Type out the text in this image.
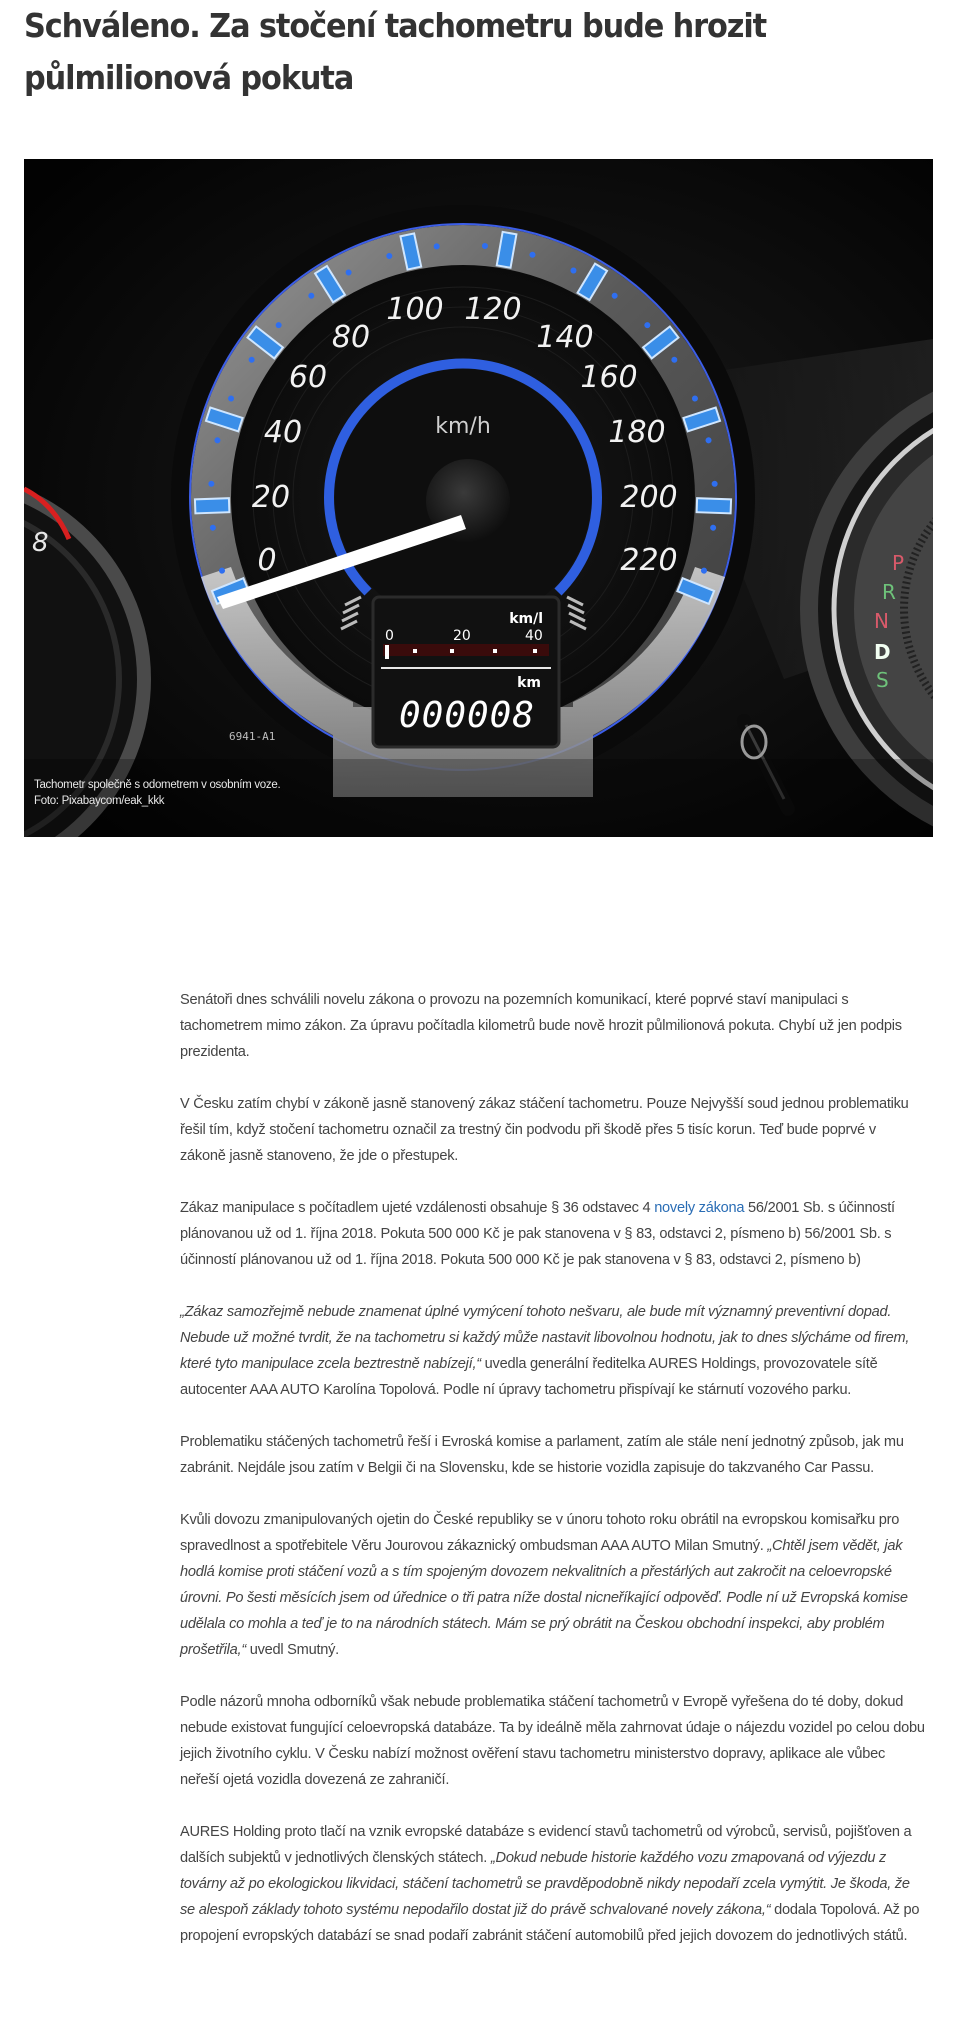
Schváleno. Za stočení tachometru bude hrozit půlmilionová pokuta
8
P
R
N
D
S
0
20
40
60
80
100 120
140
160
180
200
220
km/h
km/l
0	20	40
km
000008
6941-A1
Tachometr společně s odometrem v osobním voze. Foto: Pixabaycom/eak_kkk

Senátoři dnes schválili novelu zákona o provozu na pozemních komunikací, které poprvé staví manipulaci s tachometrem mimo zákon. Za úpravu počítadla kilometrů bude nově hrozit půlmilionová pokuta. Chybí už jen podpis prezidenta.

V Česku zatím chybí v zákoně jasně stanovený zákaz stáčení tachometru. Pouze Nejvyšší soud jednou problematiku řešil tím, když stočení tachometru označil za trestný čin podvodu při škodě přes 5 tisíc korun. Teď bude poprvé v zákoně jasně stanoveno, že jde o přestupek.

Zákaz manipulace s počítadlem ujeté vzdálenosti obsahuje § 36 odstavec 4 novely zákona 56/2001 Sb. s účinností plánovanou už od 1. října 2018. Pokuta 500 000 Kč je pak stanovena v § 83, odstavci 2, písmeno b) 56/2001 Sb. s účinností plánovanou už od 1. října 2018. Pokuta 500 000 Kč je pak stanovena v § 83, odstavci 2, písmeno b)

„Zákaz samozřejmě nebude znamenat úplné vymýcení tohoto nešvaru, ale bude mít významný preventivní dopad. Nebude už možné tvrdit, že na tachometru si každý může nastavit libovolnou hodnotu, jak to dnes slýcháme od firem, které tyto manipulace zcela beztrestně nabízejí,“ uvedla generální ředitelka AURES Holdings, provozovatele sítě autocenter AAA AUTO Karolína Topolová. Podle ní úpravy tachometru přispívají ke stárnutí vozového parku.

Problematiku stáčených tachometrů řeší i Evroská komise a parlament, zatím ale stále není jednotný způsob, jak mu zabránit. Nejdále jsou zatím v Belgii či na Slovensku, kde se historie vozidla zapisuje do takzvaného Car Passu.

Kvůli dovozu zmanipulovaných ojetin do České republiky se v únoru tohoto roku obrátil na evropskou komisařku pro spravedlnost a spotřebitele Věru Jourovou zákaznický ombudsman AAA AUTO Milan Smutný. „Chtěl jsem vědět, jak hodlá komise proti stáčení vozů a s tím spojeným dovozem nekvalitních a přestárlých aut zakročit na celoevropské úrovni. Po šesti měsících jsem od úřednice o tři patra níže dostal nicneříkající odpověď. Podle ní už Evropská komise udělala co mohla a teď je to na národních státech. Mám se prý obrátit na Českou obchodní inspekci, aby problém prošetřila,“ uvedl Smutný.

Podle názorů mnoha odborníků však nebude problematika stáčení tachometrů v Evropě vyřešena do té doby, dokud nebude existovat fungující celoevropská databáze. Ta by ideálně měla zahrnovat údaje o nájezdu vozidel po celou dobu jejich životního cyklu. V Česku nabízí možnost ověření stavu tachometru ministerstvo dopravy, aplikace ale vůbec neřeší ojetá vozidla dovezená ze zahraničí.

AURES Holding proto tlačí na vznik evropské databáze s evidencí stavů tachometrů od výrobců, servisů, pojišťoven a dalších subjektů v jednotlivých členských státech. „Dokud nebude historie každého vozu zmapovaná od výjezdu z továrny až po ekologickou likvidaci, stáčení tachometrů se pravděpodobně nikdy nepodaří zcela vymýtit. Je škoda, že se alespoň základy tohoto systému nepodařilo dostat již do právě schvalované novely zákona,“ dodala Topolová. Až po propojení evropských databází se snad podaří zabránit stáčení automobilů před jejich dovozem do jednotlivých států.
